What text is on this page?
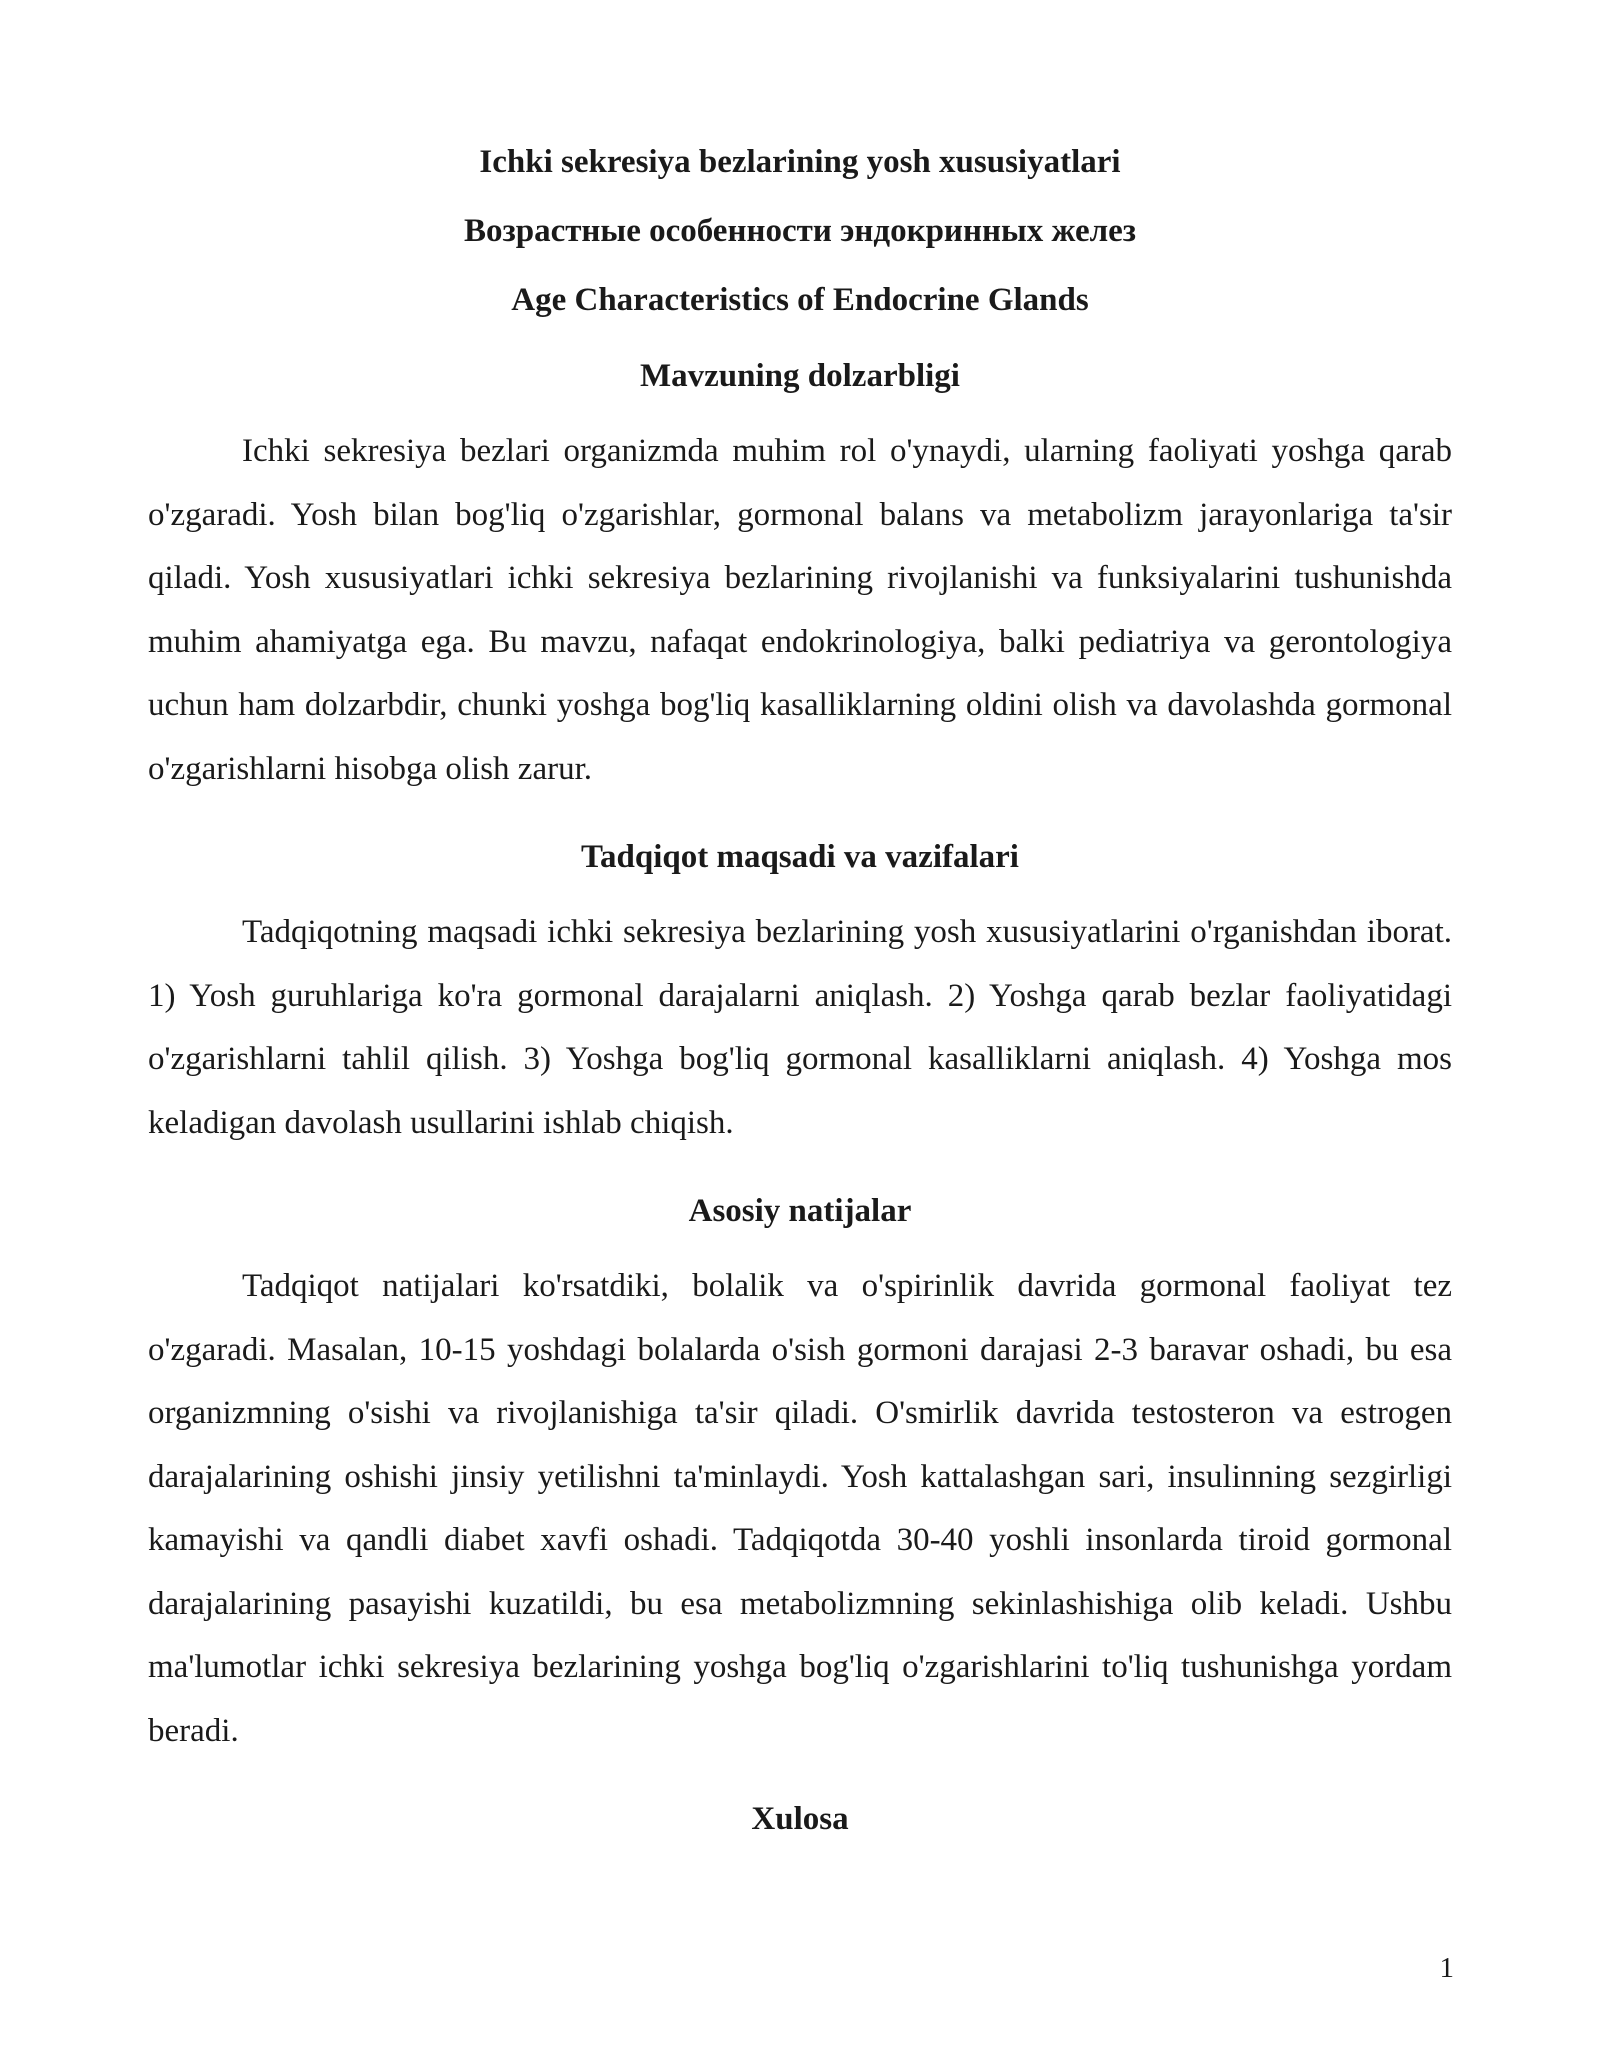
Ichki sekresiya bezlarining yosh xususiyatlari
Возрастные особенности эндокринных желез
Age Characteristics of Endocrine Glands
Mavzuning dolzarbligi

Ichki sekresiya bezlari organizmda muhim rol o'ynaydi, ularning faoliyati yoshga qarab o'zgaradi. Yosh bilan bog'liq o'zgarishlar, gormonal balans va metabolizm jarayonlariga ta'sir qiladi. Yosh xususiyatlari ichki sekresiya bezlarining rivojlanishi va funksiyalarini tushunishda muhim ahamiyatga ega. Bu mavzu, nafaqat endokrinologiya, balki pediatriya va gerontologiya uchun ham dolzarbdir, chunki yoshga bog'liq kasalliklarning oldini olish va davolashda gormonal o'zgarishlarni hisobga olish zarur.

Tadqiqot maqsadi va vazifalari

Tadqiqotning maqsadi ichki sekresiya bezlarining yosh xususiyatlarini o'rganishdan iborat. 1) Yosh guruhlariga ko'ra gormonal darajalarni aniqlash. 2) Yoshga qarab bezlar faoliyatidagi o'zgarishlarni tahlil qilish. 3) Yoshga bog'liq gormonal kasalliklarni aniqlash. 4) Yoshga mos keladigan davolash usullarini ishlab chiqish.

Asosiy natijalar

Tadqiqot natijalari ko'rsatdiki, bolalik va o'spirinlik davrida gormonal faoliyat tez o'zgaradi. Masalan, 10-15 yoshdagi bolalarda o'sish gormoni darajasi 2-3 baravar oshadi, bu esa organizmning o'sishi va rivojlanishiga ta'sir qiladi. O'smirlik davrida testosteron va estrogen darajalarining oshishi jinsiy yetilishni ta'minlaydi. Yosh kattalashgan sari, insulinning sezgirligi kamayishi va qandli diabet xavfi oshadi. Tadqiqotda 30-40 yoshli insonlarda tiroid gormonal darajalarining pasayishi kuzatildi, bu esa metabolizmning sekinlashishiga olib keladi. Ushbu ma'lumotlar ichki sekresiya bezlarining yoshga bog'liq o'zgarishlarini to'liq tushunishga yordam beradi.

Xulosa
1
